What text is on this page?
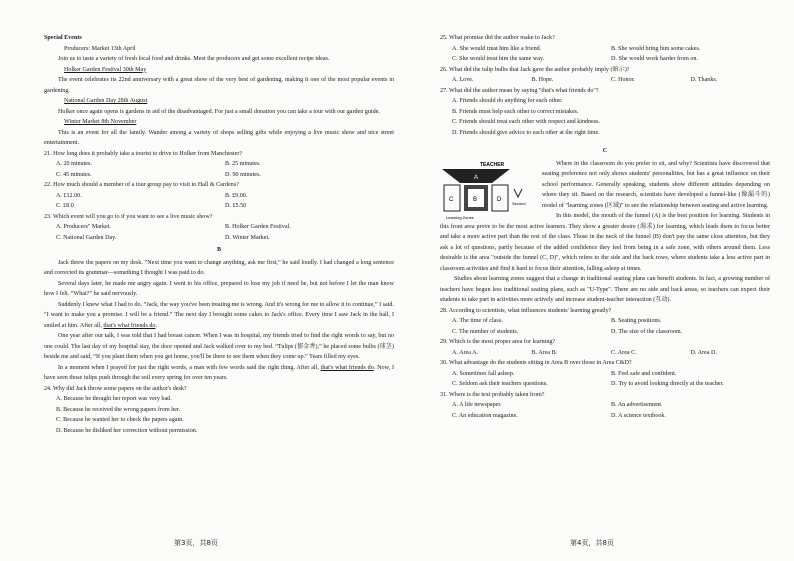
Special Events

Producers: Market 13th April

Join us to taste a variety of fresh local food and drinks. Meet the producers and get some excellent recipe ideas.

Holker Garden Festival 30th May

The event celebrates its 22nd anniversary with a great show of the very best of gardening, making it one of the most popular events in gardening.

National Garden Day 28th August

Holker once again opens is gardens in aid of the disadvantaged. For just a small donation you can take a tour with our garden guide.

Winter Market 8th November

This is an event for all the family. Wander among a variety of shops selling gifts while enjoying a live music show and nice street entertainment.

21. How long does it probably take a tourist to drive to Holker from Manchester?

A. 20 minutes.	B. 25 minutes.
C. 45 minutes.	D. 90 minutes.

22. How much should a member of a tour group pay to visit to Hall & Cardens?

A. £12.00.	B. £9.00.
C. £8.0	D. £5.50

23. Which event will you go to if you want to see a live music show?

A. Producers" Market.	B. Holker Garden Festival.
C. National Garden Day.	D. Winter Market.

B

Jack threw the papers on my desk. “Next time you want to change anything, ask me first,” he said loudly. I had changed a long sentence and corrected its grammar—something I thought I was paid to do.

Several days later, he made me angry again. I went to his office, prepared to lose my job if need be, but not before I let the man know how I felt. “What?” he said nervously.

Suddenly I knew what I had to do. “Jack, the way you've been treating me is wrong. And it's wrong for me to allow it to continue,” I said. “I want to make you a promise. I will be a friend.” The next day I brought some cakes to Jack's office. Every time I saw Jack in the hall, I smiled at him. After all, that's what friends do.

One year after our talk, I was told that I had breast cancer. When I was in hospital, my friends tried to find the right words to say, but no one could. The last day of my hospital stay, the door opened and Jack walked over to my bed. “Tulips (郁金香),” he placed some bulbs (球茎) beside me and said, “If you plant them when you get home, you'll be there to see them when they come up.” Tears filled my eyes.

In a moment when I prayed for just the right words, a man with few words said the right thing. After all, that's what friends do. Now, I have seen those tulips push through the soil every spring for over ten years.

24. Why did Jack throw some papers on the author's desk?

A. Because he thought her report was very bad.
B. Because he received the wrong papers from her.
C. Because he wanted her to check the papers again.
D. Because he disliked her correction without permission.

25. What promise did the author make to Jack?

A. She would treat him like a friend.	B. She would bring him some cakes.
C. She would treat him the same way.	D. She would work harder from on.

26. What did the tulip bulbs that Jack gave the author probably imply (暗示)?

A. Love.	B. Hope.	C. Honor.	D. Thanks.

27. What did the author mean by saying "that's what friends do"?

A. Friends should do anything for each other.
B. Friends must help each other to correct mistakes.
C. Friends should treat each other with respect and kindness.
D. Friends should give advice to each other at the right time.

C

TEACHER
A
B
C	D
Second
Learning Zones

Where in the classroom do you prefer to sit, and why? Scientists have discovered that seating preference not only shows students' personalities, but has a great influence on their school performance. Generally speaking, students show different attitudes depending on where they sit. Based on the research, scientists have developed a funnel-like (像漏斗的) model of "learning zones (区域)" to see the relationship between seating and active learning.

In this model, the mouth of the funnel (A) is the best position for learning. Students in this front area prove to be the most active learners. They show a greater desire (渴求) for learning, which leads them to focus better and take a more active part than the rest of the class. Those in the neck of the funnel (B) don't pay the same close attention, but they ask a lot of questions, partly because of the added confidence they feel from being in a safe zone, with others around them. Less desirable is the area "outside the funnel (C, D)", which refers to the side and the back rows, where students take a less active part in classroom activities and find it hard to focus their attention, falling asleep at times.

Studies about learning zones suggest that a change in traditional seating plans can benefit students. In fact, a growing number of teachers have begun less traditional seating plans, such as "U-Type". There are no side and back areas, so teachers can expect their students to take part in activities more actively and increase student-teacher interaction (互动).

28. According to scientists, what influences students' learning greatly?

A. The time of class.	B. Seating positions.
C. The number of students.	D. The size of the classroom.

29. Which is the most proper area for learning?

A. Area A.	B. Area B.	C. Area C.	D. Area D.

30. What advantage do the students sitting in Area B over those in Area C&D?

A. Sometimes fall asleep.	B. Feel safe and confident.
C. Seldom ask their teachers questions.	D. Try to avoid looking directly at the teacher.

31. Where is the text probably taken from?

A. A life newspaper.	B. An advertisement.
C. An education magazine.	D. A science textbook.
第3页，共8页	第4页，共8页
